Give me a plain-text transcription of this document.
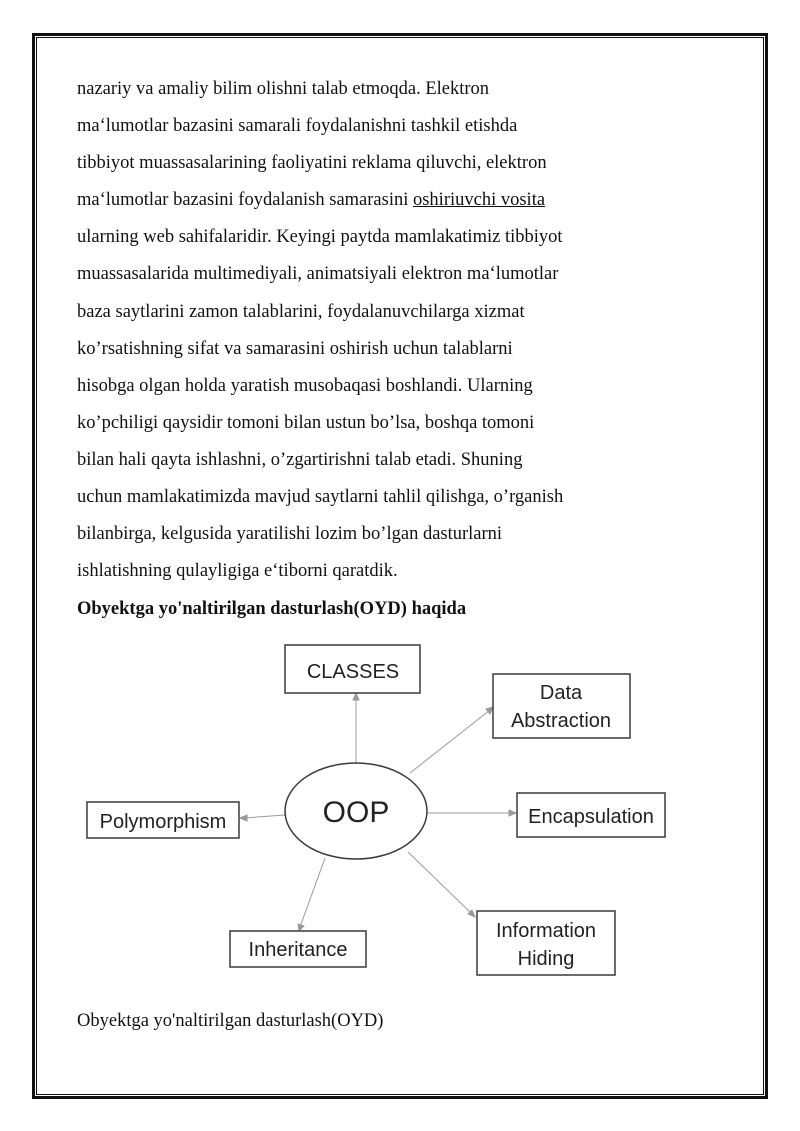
nazariy va amaliy bilim olishni talab etmoqda. Elektron
ma‘lumotlar bazasini samarali foydalanishni tashkil etishda
tibbiyot muassasalarining faoliyatini reklama qiluvchi, elektron
ma‘lumotlar bazasini foydalanish samarasini oshiriuvchi vosita
ularning web sahifalaridir. Keyingi paytda mamlakatimiz tibbiyot
muassasalarida multimediyali, animatsiyali elektron ma‘lumotlar
baza saytlarini zamon talablarini, foydalanuvchilarga xizmat
ko’rsatishning sifat va samarasini oshirish uchun talablarni
hisobga olgan holda yaratish musobaqasi boshlandi. Ularning
ko’pchiligi qaysidir tomoni bilan ustun bo’lsa, boshqa tomoni
bilan hali qayta ishlashni, o’zgartirishni talab etadi. Shuning
uchun mamlakatimizda mavjud saytlarni tahlil qilishga, o’rganish
bilanbirga, kelgusida yaratilishi lozim bo’lgan dasturlarni
ishlatishning qulayligiga e‘tiborni qaratdik.
Obyektga yo'naltirilgan dasturlash(OYD) haqida
OOP
CLASSES
Data
Abstraction
Encapsulation
Information
Hiding
Inheritance
Polymorphism
Obyektga yo'naltirilgan dasturlash(OYD)
